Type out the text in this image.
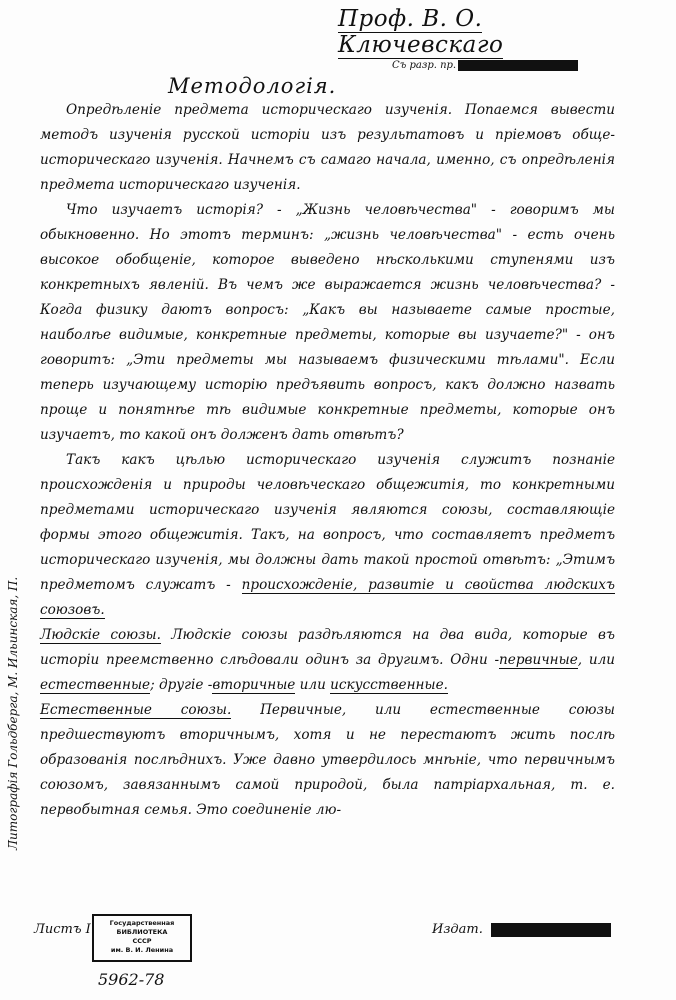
Проф. В. О. Ключевскаго
Съ разр. пр.
Методологія.

Опредѣленіе предмета историческаго изученія. Попаемся вывести методъ изученія русской исторіи изъ результатовъ и пріемовъ обще-историческаго изученія. Начнемъ съ самаго начала, именно, съ опредѣленія предмета историческаго изученія.

Что изучаетъ исторія? - „Жизнь человѣчества" - говоримъ мы обыкновенно. Но этотъ терминъ: „жизнь человѣчества" - есть очень высокое обобщеніе, которое выведено нѣсколькими ступенями изъ конкретныхъ явленій. Въ чемъ же выражается жизнь человѣчества? - Когда физику даютъ вопросъ: „Какъ вы называете самые простые, наиболѣе видимые, конкретные предметы, которые вы изучаете?" - онъ говоритъ: „Эти предметы мы называемъ физическими тѣлами". Если теперь изучающему исторію предъявить вопросъ, какъ должно назвать проще и понятнѣе тѣ видимые конкретные предметы, которые онъ изучаетъ, то какой онъ долженъ дать отвѣтъ?

Такъ какъ цѣлью историческаго изученія служитъ познаніе происхожденія и природы человѣческаго общежитія, то конкретными предметами историческаго изученія являются союзы, составляющіе формы этого общежитія. Такъ, на вопросъ, что составляетъ предметъ историческаго изученія, мы должны дать такой простой отвѣтъ: „Этимъ предметомъ служатъ - происхожденіе, развитіе и свойства людскихъ союзовъ.

Людскіе союзы. Людскіе союзы раздѣляются на два вида, которые въ исторіи преемственно слѣдовали одинъ за другимъ. Одни -первичные, или естественные; другіе -вторичные или искусственные.

Естественные союзы. Первичные, или естественные союзы предшествуютъ вторичнымъ, хотя и не перестаютъ жить послѣ образованія послѣднихъ. Уже давно утвердилось мнѣніе, что первичнымъ союзомъ, завязаннымъ самой природой, была патріархальная, т. е. первобытная семья. Это соединеніе лю-

Литографія Гольдберга, М. Ильинская, П.
Листъ I.	Государственная
БИБЛИОТЕКА
СССР
им. В. И. Ленина
5962-78
Издат.
